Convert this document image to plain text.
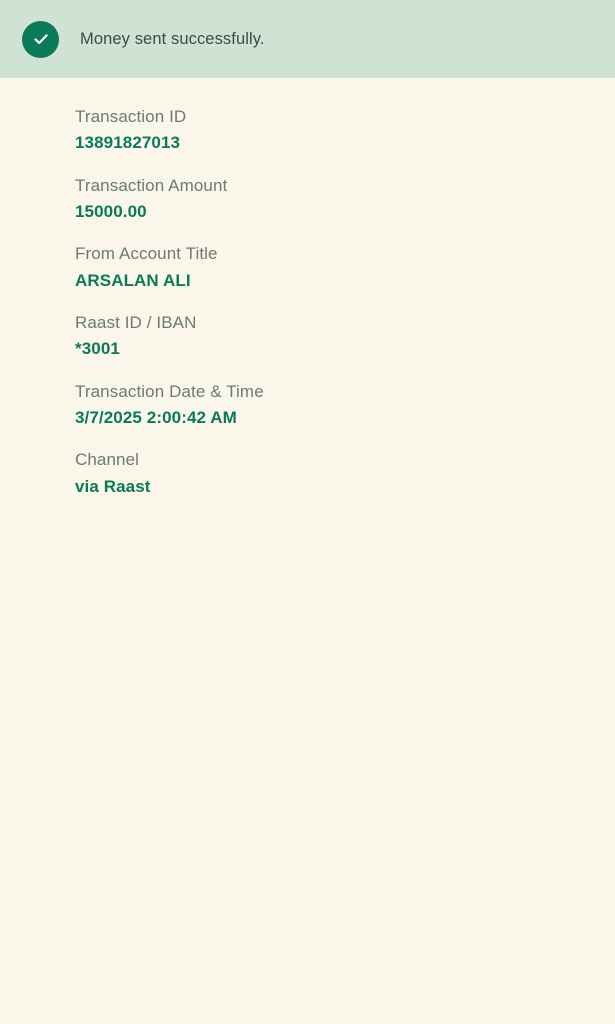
Money sent successfully.
Transaction ID
13891827013
Transaction Amount
15000.00
From Account Title
ARSALAN ALI
Raast ID / IBAN
*3001
Transaction Date & Time
3/7/2025 2:00:42 AM
Channel
via Raast
